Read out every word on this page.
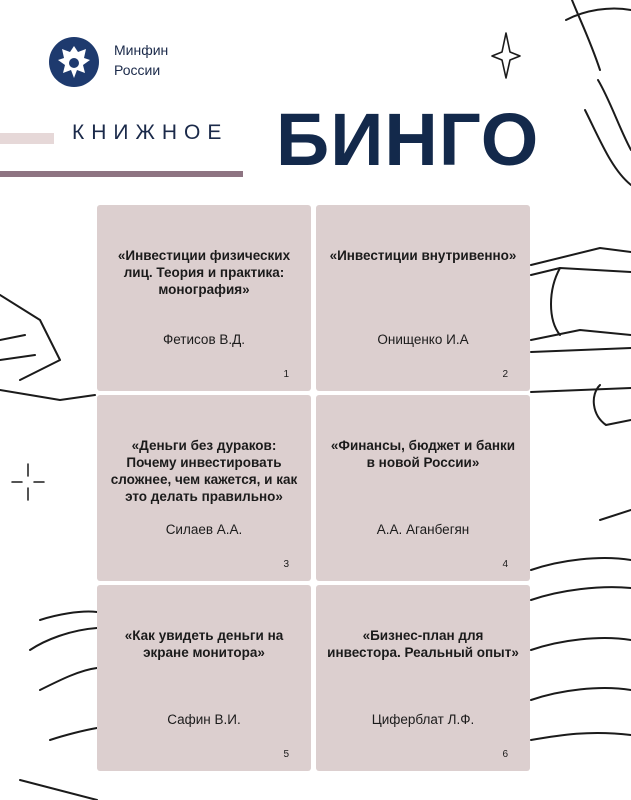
Минфин
России
КНИЖНОЕ БИНГО
«Инвестиции физических лиц. Теория и практика: монография»
Фетисов В.Д.
1
«Инвестиции внутривенно»
Онищенко И.А
2
«Деньги без дураков: Почему инвестировать сложнее, чем кажется, и как это делать правильно»
Силаев А.А.
3
«Финансы, бюджет и банки в новой России»
А.А. Аганбегян
4
«Как увидеть деньги на экране монитора»
Сафин В.И.
5
«Бизнес-план для инвестора. Реальный опыт»
Циферблат Л.Ф.
6
